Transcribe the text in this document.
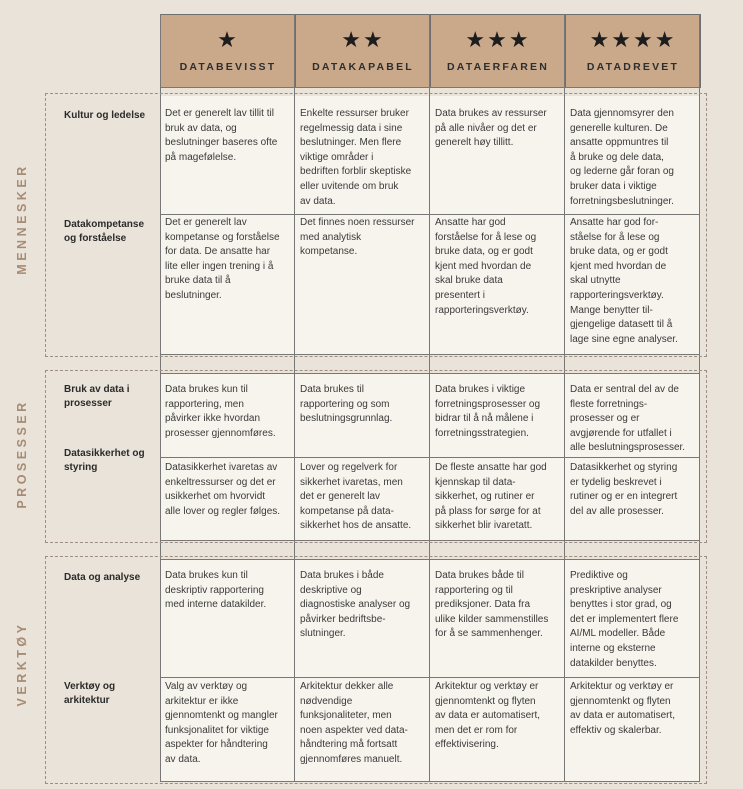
★
DATABEVISST
★★
DATAKAPABEL
★★★
DATAERFAREN
★★★★
DATADREVET
MENNESKER
PROSESSER
VERKTØY
Kultur og ledelse
Datakompetanse
og forståelse
Bruk av data i
prosesser
Datasikkerhet og
styring
Data og analyse
Verktøy og
arkitektur
Det er generelt lav tillit til
bruk av data, og
beslutninger baseres ofte
på magefølelse.
Enkelte ressurser bruker
regelmessig data i sine
beslutninger. Men flere
viktige områder i
bedriften forblir skeptiske
eller uvitende om bruk
av data.
Data brukes av ressurser
på alle nivåer og det er
generelt høy tillitt.
Data gjennomsyrer den
generelle kulturen. De
ansatte oppmuntres til
å bruke og dele data,
og lederne går foran og
bruker data i viktige
forretningsbeslutninger.
Det er generelt lav
kompetanse og forståelse
for data. De ansatte har
lite eller ingen trening i å
bruke data til å
beslutninger.
Det finnes noen ressurser
med analytisk
kompetanse.
Ansatte har god
forståelse for å lese og
bruke data, og er godt
kjent med hvordan de
skal bruke data
presentert i
rapporteringsverktøy.
Ansatte har god for-
ståelse for å lese og
bruke data, og er godt
kjent med hvordan de
skal utnytte
rapporteringsverktøy.
Mange benytter til-
gjengelige datasett til å
lage sine egne analyser.
Data brukes kun til
rapportering, men
påvirker ikke hvordan
prosesser gjennomføres.
Data brukes til
rapportering og som
beslutningsgrunnlag.
Data brukes i viktige
forretningsprosesser og
bidrar til å nå målene i
forretningsstrategien.
Data er sentral del av de
fleste forretnings-
prosesser og er
avgjørende for utfallet i
alle beslutningsprosesser.
Datasikkerhet ivaretas av
enkeltressurser og det er
usikkerhet om hvorvidt
alle lover og regler følges.
Lover og regelverk for
sikkerhet ivaretas, men
det er generelt lav
kompetanse på data-
sikkerhet hos de ansatte.
De fleste ansatte har god
kjennskap til data-
sikkerhet, og rutiner er
på plass for sørge for at
sikkerhet blir ivaretatt.
Datasikkerhet og styring
er tydelig beskrevet i
rutiner og er en integrert
del av alle prosesser.
Data brukes kun til
deskriptiv rapportering
med interne datakilder.
Data brukes i både
deskriptive og
diagnostiske analyser og
påvirker bedriftsbe-
slutninger.
Data brukes både til
rapportering og til
prediksjoner. Data fra
ulike kilder sammenstilles
for å se sammenhenger.
Prediktive og
preskriptive analyser
benyttes i stor grad, og
det er implementert flere
AI/ML modeller. Både
interne og eksterne
datakilder benyttes.
Valg av verktøy og
arkitektur er ikke
gjennomtenkt og mangler
funksjonalitet for viktige
aspekter for håndtering
av data.
Arkitektur dekker alle
nødvendige
funksjonaliteter, men
noen aspekter ved data-
håndtering må fortsatt
gjennomføres manuelt.
Arkitektur og verktøy er
gjennomtenkt og flyten
av data er automatisert,
men det er rom for
effektivisering.
Arkitektur og verktøy er
gjennomtenkt og flyten
av data er automatisert,
effektiv og skalerbar.
